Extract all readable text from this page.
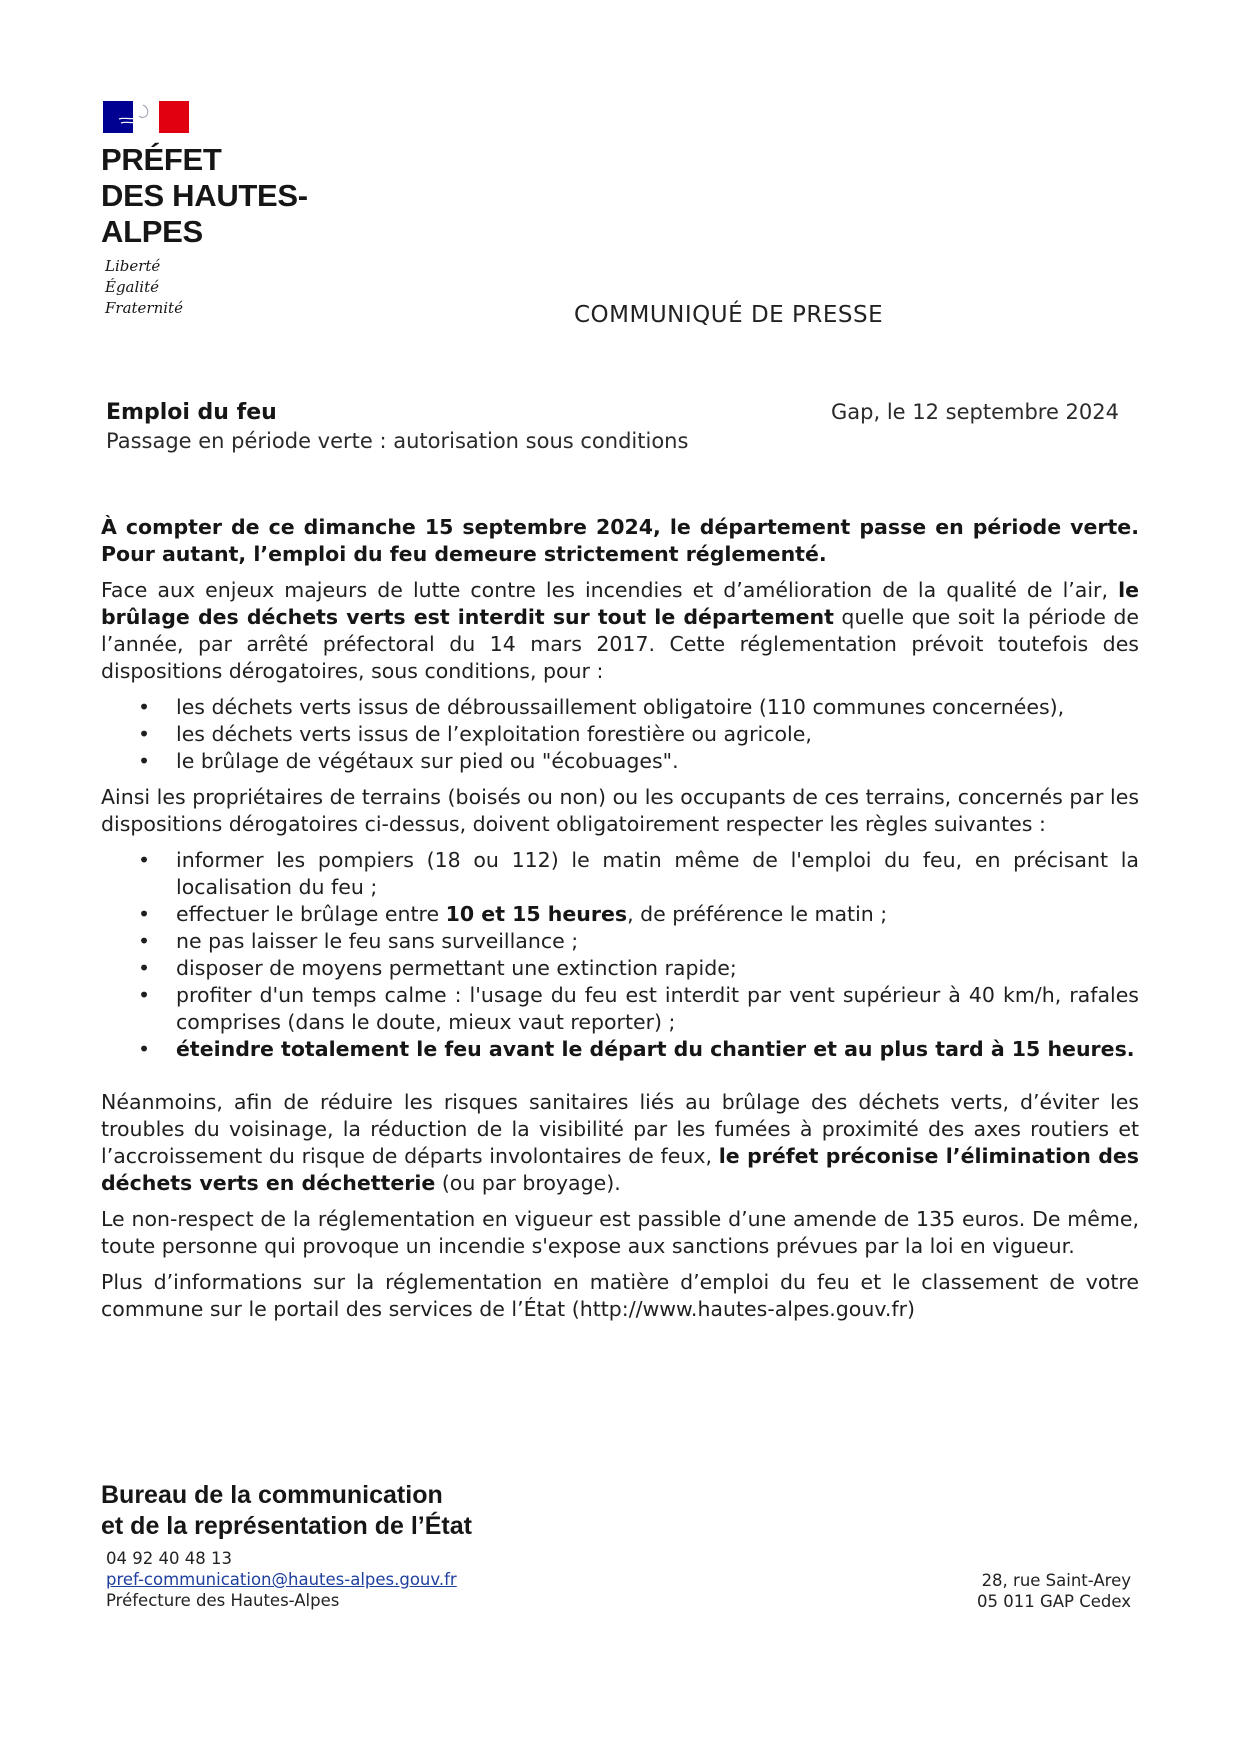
PRÉFET
DES HAUTES-
ALPES
Liberté
Égalité
Fraternité	COMMUNIQUÉ DE PRESSE
Emploi du feu
Passage en période verte : autorisation sous conditions
Gap, le 12 septembre 2024

À compter de ce dimanche 15 septembre 2024, le département passe en période verte. Pour autant, l’emploi du feu demeure strictement réglementé.

Face aux enjeux majeurs de lutte contre les incendies et d’amélioration de la qualité de l’air, le brûlage des déchets verts est interdit sur tout le département quelle que soit la période de l’année, par arrêté préfectoral du 14 mars 2017. Cette réglementation prévoit toutefois des dispositions dérogatoires, sous conditions, pour :

• les déchets verts issus de débroussaillement obligatoire (110 communes concernées),
• les déchets verts issus de l’exploitation forestière ou agricole,
• le brûlage de végétaux sur pied ou "écobuages".

Ainsi les propriétaires de terrains (boisés ou non) ou les occupants de ces terrains, concernés par les dispositions dérogatoires ci-dessus, doivent obligatoirement respecter les règles suivantes :

• informer les pompiers (18 ou 112) le matin même de l'emploi du feu, en précisant la localisation du feu ;
• effectuer le brûlage entre 10 et 15 heures, de préférence le matin ;
• ne pas laisser le feu sans surveillance ;
• disposer de moyens permettant une extinction rapide;
• profiter d'un temps calme : l'usage du feu est interdit par vent supérieur à 40 km/h, rafales comprises (dans le doute, mieux vaut reporter) ;
• éteindre totalement le feu avant le départ du chantier et au plus tard à 15 heures.

Néanmoins, afin de réduire les risques sanitaires liés au brûlage des déchets verts, d’éviter les troubles du voisinage, la réduction de la visibilité par les fumées à proximité des axes routiers et l’accroissement du risque de départs involontaires de feux, le préfet préconise l’élimination des déchets verts en déchetterie (ou par broyage).

Le non-respect de la réglementation en vigueur est passible d’une amende de 135 euros. De même, toute personne qui provoque un incendie s'expose aux sanctions prévues par la loi en vigueur.

Plus d’informations sur la réglementation en matière d’emploi du feu et le classement de votre commune sur le portail des services de l’État (http://www.hautes-alpes.gouv.fr)

Bureau de la communication
et de la représentation de l’État
04 92 40 48 13
pref-communication@hautes-alpes.gouv.fr
Préfecture des Hautes-Alpes
28, rue Saint-Arey
05 011 GAP Cedex
